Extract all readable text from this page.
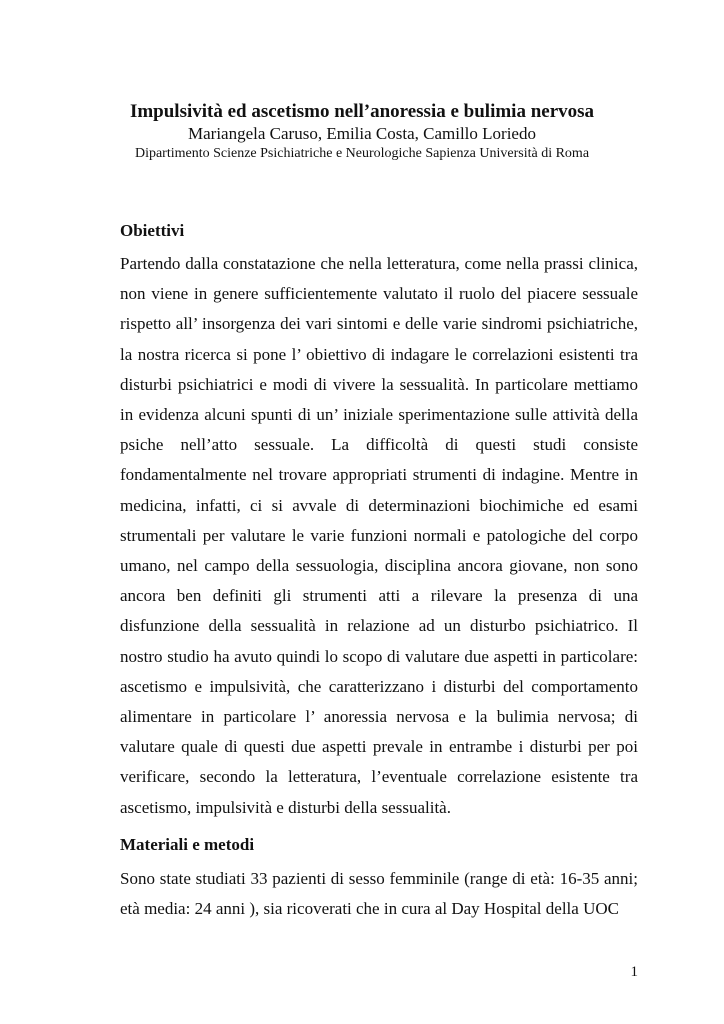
Impulsività ed ascetismo nell’anoressia e bulimia nervosa

Mariangela Caruso, Emilia Costa, Camillo Loriedo

Dipartimento Scienze Psichiatriche e Neurologiche Sapienza Università di Roma

Obiettivi

Partendo dalla constatazione che nella letteratura, come nella prassi clinica, non viene in genere sufficientemente valutato il ruolo del piacere sessuale rispetto all’ insorgenza dei vari sintomi e delle varie sindromi psichiatriche, la nostra ricerca si pone l’ obiettivo di indagare le correlazioni esistenti tra disturbi psichiatrici e modi di vivere la sessualità. In particolare mettiamo in evidenza alcuni spunti di un’ iniziale sperimentazione sulle attività della psiche nell’atto sessuale. La difficoltà di questi studi consiste fondamentalmente nel trovare appropriati strumenti di indagine. Mentre in medicina, infatti, ci si avvale di determinazioni biochimiche ed esami strumentali per valutare le varie funzioni normali e patologiche del corpo umano, nel campo della sessuologia, disciplina ancora giovane, non sono ancora ben definiti gli strumenti atti a rilevare la presenza di una disfunzione della sessualità in relazione ad un disturbo psichiatrico. Il nostro studio ha avuto quindi lo scopo di valutare due aspetti in particolare: ascetismo e impulsività, che caratterizzano i disturbi del comportamento alimentare in particolare l’ anoressia nervosa e la bulimia nervosa; di valutare quale di questi due aspetti prevale in entrambe i disturbi per poi verificare, secondo la letteratura, l’eventuale correlazione esistente tra ascetismo, impulsività e disturbi della sessualità.

Materiali e metodi

Sono state studiati 33 pazienti di sesso femminile (range di età: 16-35 anni; età media: 24 anni ), sia ricoverati che in cura al Day Hospital della UOC

1
